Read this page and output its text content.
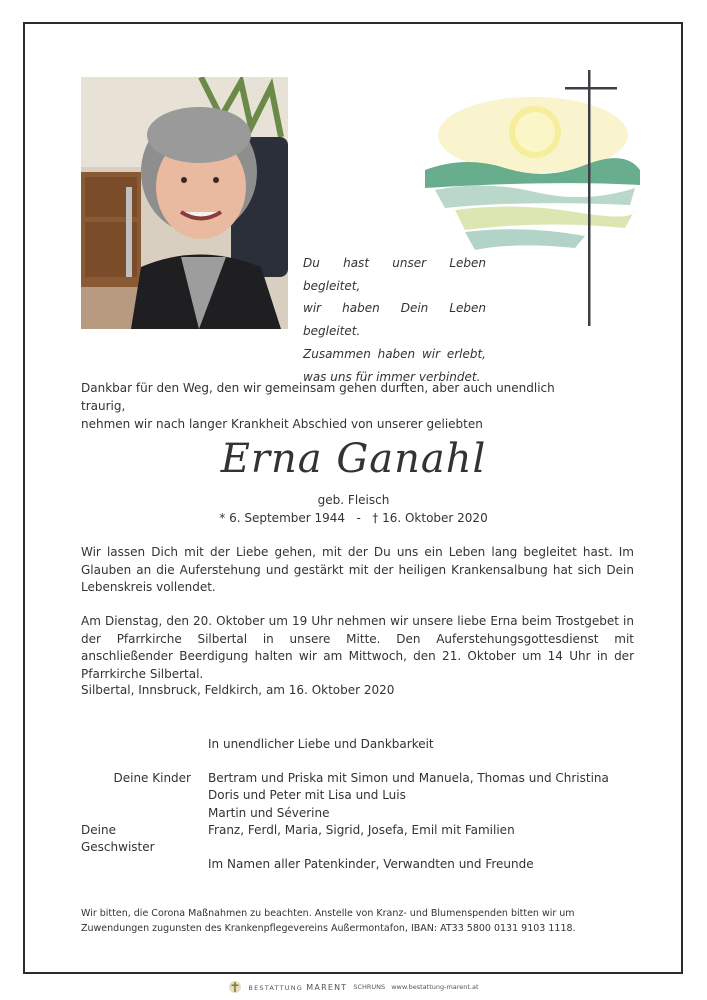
Du hast unser Leben begleitet,
wir haben Dein Leben begleitet.
Zusammen haben wir erlebt,
was uns für immer verbindet.
Dankbar für den Weg, den wir gemeinsam gehen durften, aber auch unendlich traurig,
nehmen wir nach langer Krankheit Abschied von unserer geliebten
Erna Ganahl
geb. Fleisch
* 6. September 1944   -   † 16. Oktober 2020
Wir lassen Dich mit der Liebe gehen, mit der Du uns ein Leben lang begleitet hast. Im Glauben an die Auferstehung und gestärkt mit der heiligen Krankensalbung hat sich Dein Lebenskreis vollendet.
Am Dienstag, den 20. Oktober um 19 Uhr nehmen wir unsere liebe Erna beim Trostgebet in der Pfarrkirche Silbertal in unsere Mitte. Den Auferstehungsgottesdienst mit anschließender Beerdigung halten wir am Mittwoch, den 21. Oktober um 14 Uhr in der Pfarrkirche Silbertal.
Silbertal, Innsbruck, Feldkirch, am 16. Oktober 2020
In unendlicher Liebe und Dankbarkeit
Deine Kinder Bertram und Priska mit Simon und Manuela, Thomas und Christina
Doris und Peter mit Lisa und Luis
Martin und Séverine
Deine Geschwister
Franz, Ferdl, Maria, Sigrid, Josefa, Emil mit Familien
Im Namen aller Patenkinder, Verwandten und Freunde
Wir bitten, die Corona Maßnahmen zu beachten. Anstelle von Kranz- und Blumenspenden bitten wir um
Zuwendungen zugunsten des Krankenpflegevereins Außermontafon, IBAN: AT33 5800 0131 9103 1118.
BESTATTUNG MARENT SCHRUNS www.bestattung-marent.at
